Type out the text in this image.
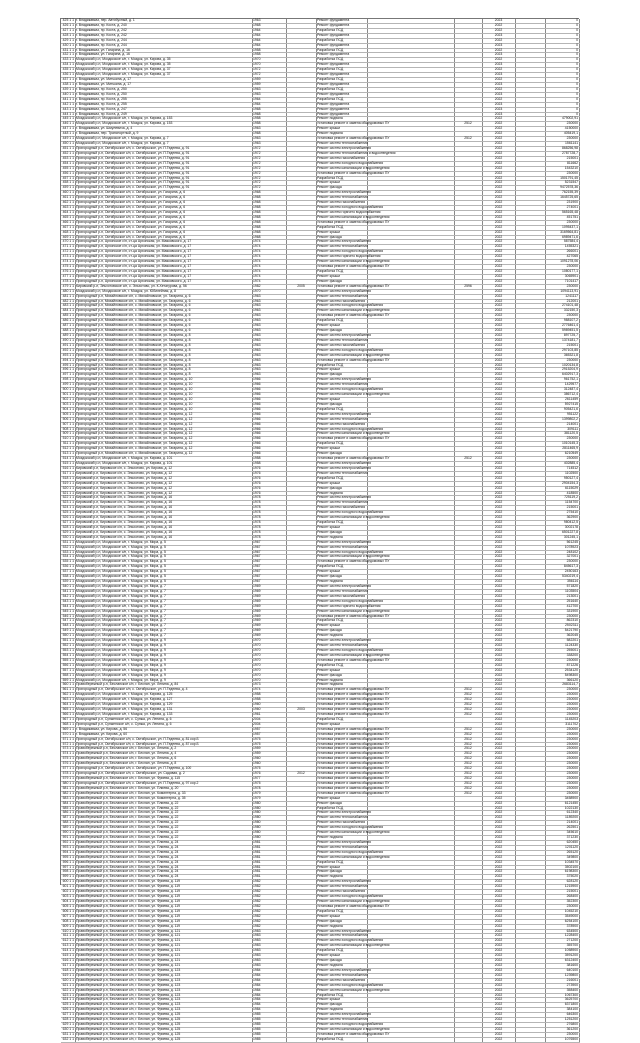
425 1 1	г. Владикавказ, пер. Автобусный, д. 1	1963		Ремонт фундамента			2023		0
426 1 1	г. Владикавказ, пр. Коста, д. 240	1968		Ремонт фундамента			2022		0
427 1 1	г. Владикавказ, пр. Коста, д. 242	1964		Разработка ПСД			2022		0
428 1 1	г. Владикавказ, пр. Коста, д. 242	1964		Ремонт фундамента			2023		0
429 1 1	г. Владикавказ, пр. Коста, д. 244	1964		Разработка ПСД			2022		0
430 1 1	г. Владикавказ, пр. Коста, д. 244	1964		Ремонт фундамента			2023		0
431 1 1	г. Владикавказ, ул. Гагарина, д. 16	1958		Разработка ПСД			2022		0
432 1 1	г. Владикавказ, ул. Гагарина, д. 16	1958		Ремонт фундамента			2023		0
433 1 1	Моздокский р-н, Моздокское с/п, г. Моздок, ул. Кирова, д. 35	1970		Разработка ПСД			2022		0
434 1 1	Моздокский р-н, Моздокское с/п, г. Моздок, ул. Кирова, д. 35	1970		Ремонт фундамента			2023		0
435 1 1	Моздокский р-н, Моздокское с/п, г. Моздок, ул. Кирова, д. 37	1972		Разработка ПСД			2022		0
436 1 1	Моздокский р-н, Моздокское с/п, г. Моздок, ул. Кирова, д. 37	1972		Ремонт фундамента			2023		0
437 1 1	г. Владикавказ, ул. Митькина, д. 17	1959		Разработка ПСД			2022		0
438 1 1	г. Владикавказ, ул. Митькина, д. 17	1959		Ремонт фундамента			2023		0
439 1 1	г. Владикавказ, пр. Коста, д. 250	1963		Разработка ПСД			2022		0
440 1 1	г. Владикавказ, пр. Коста, д. 250	1963		Ремонт фундамента			2023		0
441 1 1	г. Владикавказ, пр. Коста, д. 255	1964		Разработка ПСД			2022		0
442 1 1	г. Владикавказ, пр. Коста, д. 255	1964		Ремонт фундамента			2023		0
443 1 1	г. Владикавказ, пр. Коста, д. 247	1968		Ремонт фундамента			2023		0
444 1 1	г. Владикавказ, пр. Коста, д. 249	1968		Ремонт фундамента			2023		0
445 1 1	Моздокский р-н, Моздокское с/п, г. Моздок, ул. Кирова, д. 153	1958		Ремонт подвала			2022		479002,91
446 1 1	Моздокский р-н, Моздокское с/п, г. Моздок, ул. Кирова, д. 153	1958		Установка ремонт и замена общедомовых ПУ		2512	2022		230000
447 1 1	г. Владикавказ, ул. Шмулевича, д. 4	1963		Ремонт крыши			2022		4150000
448 1 1	г. Владикавказ, пер. Транспортный, д. 9	1968		Ремонт подвала			2022		405419,1
449 1 1	Моздокский р-н, Моздокское с/п, г. Моздок, ул. Кирова, д. 7	1963		Установка ремонт и замена общедомовых ПУ		2512	2022		230000
450 1 1	Моздокский р-н, Моздокское с/п, г. Моздок, ул. Кирова, д. 7	1963		Ремонт систем теплоснабжения			2022		1561141
451 1 1	Пригородный р-н, Октябрьское с/п, с. Октябрьское, ул. П.Тедеева, д. 91	1972		Ремонт систем электроснабжения			2022		868256,98
452 1 1	Пригородный р-н, Октябрьское с/п, с. Октябрьское, ул. П.Тедеева, д. 91	1972		Ремонт систем теплоснабжения и водоотведения			2022		2787728,7
453 1 1	Пригородный р-н, Октябрьское с/п, с. Октябрьское, ул. П.Тедеева, д. 91	1972		Ремонт систем газоснабжения			2022		215001
454 1 1	Пригородный р-н, Октябрьское с/п, с. Октябрьское, ул. П.Тедеева, д. 91	1972		Ремонт систем холодного водоснабжения			2022		811662
455 1 1	Пригородный р-н, Октябрьское с/п, с. Октябрьское, ул. П.Тедеева, д. 91	1972		Ремонт систем канализации и водоотведения			2022		1543210
456 1 1	Пригородный р-н, Октябрьское с/п, с. Октябрьское, ул. П.Тедеева, д. 91	1972		Установка ремонт и замена общедомовых ПУ			2022		230000
457 1 1	Пригородный р-н, Октябрьское с/п, с. Октябрьское, ул. П.Тедеева, д. 91	1972		Разработка ПСД			2022		1501791,45
458 1 1	Пригородный р-н, Октябрьское с/п, с. Октябрьское, ул. П.Тедеева, д. 91	1972		Ремонт крыши			2022		5231547
459 1 1	Пригородный р-н, Октябрьское с/п, с. Октябрьское, ул. П.Тедеева, д. 91	1972		Ремонт фасада			2022		9472578,36
460 1 1	Пригородный р-н, Октябрьское с/п, с. Октябрьское, ул. Гагарина, д. 6	1968		Ремонт систем электроснабжения			2022		762155,39
461 1 1	Пригородный р-н, Октябрьское с/п, с. Октябрьское, ул. Гагарина, д. 6	1968		Ремонт систем теплоснабжения			2022		1645725,65
462 1 1	Пригородный р-н, Октябрьское с/п, с. Октябрьское, ул. Гагарина, д. 6	1968		Ремонт систем газоснабжения			2022		231900
463 1 1	Пригородный р-н, Октябрьское с/п, с. Октябрьское, ул. Гагарина, д. 6	1968		Ремонт систем холодного водоснабжения			2022		274001
464 1 1	Пригородный р-н, Октябрьское с/п, с. Октябрьское, ул. Гагарина, д. 6	1968		Ремонт систем горячего водоснабжения			2022		565165,48
465 1 1	Пригородный р-н, Октябрьское с/п, с. Октябрьское, ул. Гагарина, д. 6	1968		Ремонт систем канализации и водоотведения			2022		451751
466 1 1	Пригородный р-н, Октябрьское с/п, с. Октябрьское, ул. Гагарина, д. 6	1968		Установка ремонт и замена общедомовых ПУ			2022		230000
467 1 1	Пригородный р-н, Октябрьское с/п, с. Октябрьское, ул. Гагарина, д. 6	1968		Разработка ПСД			2022		1095437,1
468 1 1	Пригородный р-н, Октябрьское с/п, с. Октябрьское, ул. Гагарина, д. 6	1968		Ремонт крыши			2022		3169564,81
469 1 1	Пригородный р-н, Октябрьское с/п, с. Октябрьское, ул. Гагарина, д. 6	1968		Ремонт фасада			2022		6989471,6
470 1 1	Пригородный р-н, Архонское с/п, ст-ца Архонская, ул. Маяковского, д. 17	1974		Ремонт систем электроснабжения			2022		587584,4
471 1 1	Пригородный р-н, Архонское с/п, ст-ца Архонская, ул. Маяковского, д. 17	1974		Ремонт систем теплоснабжения			2022		1455321
472 1 1	Пригородный р-н, Архонское с/п, ст-ца Архонская, ул. Маяковского, д. 17	1974		Ремонт систем холодного водоснабжения			2022		266001
473 1 1	Пригородный р-н, Архонское с/п, ст-ца Архонская, ул. Маяковского, д. 17	1974		Ремонт систем горячего водоснабжения			2022		427065
474 1 1	Пригородный р-н, Архонское с/п, ст-ца Архонская, ул. Маяковского, д. 17	1974		Ремонт систем канализации и водоотведения			2022		1091278,06
475 1 1	Пригородный р-н, Архонское с/п, ст-ца Архонская, ул. Маяковского, д. 17	1974		Установка ремонт и замена общедомовых ПУ			2022		230000
476 1 1	Пригородный р-н, Архонское с/п, ст-ца Архонская, ул. Маяковского, д. 17	1974		Разработка ПСД			2022		1080177,1
477 1 1	Пригородный р-н, Архонское с/п, ст-ца Архонская, ул. Маяковского, д. 17	1974		Ремонт крыши			2022		3065901
478 1 1	Пригородный р-н, Архонское с/п, ст-ца Архонская, ул. Маяковского, д. 17	1974		Ремонт фасада			2022		7101417
479 1 1	Кировский р-н, Эльхотовское с/п, с. Эльхотово, ул. К.Хетагурова, д. 56	1982	2005	Установка ремонт и замена общедомовых ПУ		2596	2022		230000
480 1 1	Моздокский р-н, Моздокское с/п, г. Моздок, ул. Юбилейная, д. 8	1970		Ремонт систем электроснабжения			2022		1094113,91
481 1 1	Пригородный р-н, Михайловское с/п, с. Михайловское, ул. Гагарина, д. 6	1963		Ремонт систем теплоснабжения			2022		1241117
482 1 1	Пригородный р-н, Михайловское с/п, с. Михайловское, ул. Гагарина, д. 6	1963		Ремонт систем газоснабжения			2022		212001
483 1 1	Пригородный р-н, Михайловское с/п, с. Михайловское, ул. Гагарина, д. 6	1963		Ремонт систем холодного водоснабжения			2022		274101,48
484 1 1	Пригородный р-н, Михайловское с/п, с. Михайловское, ул. Гагарина, д. 6	1963		Ремонт систем канализации и водоотведения			2022		332150,3
485 1 1	Пригородный р-н, Михайловское с/п, с. Михайловское, ул. Гагарина, д. 6	1963		Установка ремонт и замена общедомовых ПУ			2022		230000
486 1 1	Пригородный р-н, Михайловское с/п, с. Михайловское, ул. Гагарина, д. 6	1963		Разработка ПСД			2022		988107,2
487 1 1	Пригородный р-н, Михайловское с/п, с. Михайловское, ул. Гагарина, д. 6	1963		Ремонт крыши			2022		2776461,4
488 1 1	Пригородный р-н, Михайловское с/п, с. Михайловское, ул. Гагарина, д. 6	1963		Ремонт фасада			2022		5989451,5
489 1 1	Пригородный р-н, Михайловское с/п, с. Михайловское, ул. Гагарина, д. 8	1963		Ремонт систем электроснабжения			2022		897725,7
490 1 1	Пригородный р-н, Михайловское с/п, с. Михайловское, ул. Гагарина, д. 8	1963		Ремонт систем теплоснабжения			2022		1374181,7
491 1 1	Пригородный р-н, Михайловское с/п, с. Михайловское, ул. Гагарина, д. 8	1963		Ремонт систем газоснабжения			2022		215001
492 1 1	Пригородный р-н, Михайловское с/п, с. Михайловское, ул. Гагарина, д. 8	1963		Ремонт систем холодного водоснабжения			2022		297103,85
493 1 1	Пригородный р-н, Михайловское с/п, с. Михайловское, ул. Гагарина, д. 8	1963		Ремонт систем канализации и водоотведения			2022		365321,8
494 1 1	Пригородный р-н, Михайловское с/п, с. Михайловское, ул. Гагарина, д. 8	1963		Установка ремонт и замена общедомовых ПУ			2022		230000
495 1 1	Пригородный р-н, Михайловское с/п, с. Михайловское, ул. Гагарина, д. 8	1963		Разработка ПСД			2022		1020134,8
496 1 1	Пригородный р-н, Михайловское с/п, с. Михайловское, ул. Гагарина, д. 8	1963		Ремонт крыши			2022		2915204,9
497 1 1	Пригородный р-н, Михайловское с/п, с. Михайловское, ул. Гагарина, д. 8	1963		Ремонт фасада			2022		6402917,3
498 1 1	Пригородный р-н, Михайловское с/п, с. Михайловское, ул. Гагарина, д. 10	1966		Ремонт систем электроснабжения			2022		961752,1
499 1 1	Пригородный р-н, Михайловское с/п, с. Михайловское, ул. Гагарина, д. 10	1966		Ремонт систем теплоснабжения			2022		1429577
500 1 1	Пригородный р-н, Михайловское с/п, с. Михайловское, ул. Гагарина, д. 10	1966		Ремонт систем холодного водоснабжения			2022		312487,4
501 1 1	Пригородный р-н, Михайловское с/п, с. Михайловское, ул. Гагарина, д. 10	1966		Ремонт систем канализации и водоотведения			2022		386712,4
502 1 1	Пригородный р-н, Михайловское с/п, с. Михайловское, ул. Гагарина, д. 10	1966		Ремонт крыши			2022		2611459
503 1 1	Пригородный р-н, Михайловское с/п, с. Михайловское, ул. Гагарина, д. 10	1966		Ремонт фасада			2022		5927415
504 1 1	Пригородный р-н, Михайловское с/п, с. Михайловское, ул. Гагарина, д. 10	1966		Разработка ПСД			2022		905421,6
505 1 1	Пригородный р-н, Михайловское с/п, с. Михайловское, ул. Гагарина, д. 12	1966		Ремонт систем электроснабжения			2022		951122
506 1 1	Пригородный р-н, Михайловское с/п, с. Михайловское, ул. Гагарина, д. 12	1966		Ремонт систем теплоснабжения			2022		1399802,2
507 1 1	Пригородный р-н, Михайловское с/п, с. Михайловское, ул. Гагарина, д. 12	1966		Ремонт систем газоснабжения			2022		214001
508 1 1	Пригородный р-н, Михайловское с/п, с. Михайловское, ул. Гагарина, д. 12	1966		Ремонт систем холодного водоснабжения			2022		309111
509 1 1	Пригородный р-н, Михайловское с/п, с. Михайловское, ул. Гагарина, д. 12	1966		Ремонт систем канализации и водоотведения			2022		381120,5
510 1 1	Пригородный р-н, Михайловское с/п, с. Михайловское, ул. Гагарина, д. 12	1966		Установка ремонт и замена общедомовых ПУ			2022		230000
511 1 1	Пригородный р-н, Михайловское с/п, с. Михайловское, ул. Гагарина, д. 12	1966		Разработка ПСД			2022		1010145,3
512 1 1	Пригородный р-н, Михайловское с/п, с. Михайловское, ул. Гагарина, д. 12	1966		Ремонт крыши			2022		2811465,9
513 1 1	Пригородный р-н, Михайловское с/п, с. Михайловское, ул. Гагарина, д. 12	1966		Ремонт фасада			2022		6210549
514 1 1	Моздокский р-н, Моздокское с/п, г. Моздок, ул. Кирова, д. 101	1958		Установка ремонт и замена общедомовых ПУ		2512	2022		230000
515 1 1	Моздокский р-н, Моздокское с/п, г. Моздок, ул. Кирова, д. 101	1958		Ремонт систем электроснабжения			2022		402885,4
516 1 1	Кировский р-н, Кировское с/п, с. Эльхотово, ул. Кирова, д. 12	1976		Ремонт систем электроснабжения			2022		714512
517 1 1	Кировский р-н, Кировское с/п, с. Эльхотово, ул. Кирова, д. 12	1976		Ремонт систем теплоснабжения			2022		1102500
518 1 1	Кировский р-н, Кировское с/п, с. Эльхотово, ул. Кирова, д. 12	1976		Разработка ПСД			2022		950127,4
519 1 1	Кировский р-н, Кировское с/п, с. Эльхотово, ул. Кирова, д. 12	1976		Ремонт крыши			2022		2904154,3
520 1 1	Кировский р-н, Кировское с/п, с. Эльхотово, ул. Кирова, д. 12	1976		Ремонт фасада			2022		6115029
521 1 1	Кировский р-н, Кировское с/п, с. Эльхотово, ул. Кирова, д. 12	1976		Ремонт подвала			2022		418500
522 1 1	Кировский р-н, Кировское с/п, с. Эльхотово, ул. Кирова, д. 16	1978		Ремонт систем электроснабжения			2022		725119,2
523 1 1	Кировский р-н, Кировское с/п, с. Эльхотово, ул. Кирова, д. 16	1978		Ремонт систем теплоснабжения			2022		1154700
524 1 1	Кировский р-н, Кировское с/п, с. Эльхотово, ул. Кирова, д. 16	1978		Ремонт систем газоснабжения			2022		215001
525 1 1	Кировский р-н, Кировское с/п, с. Эльхотово, ул. Кирова, д. 16	1978		Ремонт систем холодного водоснабжения			2022		275410
526 1 1	Кировский р-н, Кировское с/п, с. Эльхотово, ул. Кирова, д. 16	1978		Ремонт систем канализации и водоотведения			2022		362900
527 1 1	Кировский р-н, Кировское с/п, с. Эльхотово, ул. Кирова, д. 16	1978		Разработка ПСД			2022		980412,5
528 1 1	Кировский р-н, Кировское с/п, с. Эльхотово, ул. Кирова, д. 16	1978		Ремонт крыши			2022		3002178
529 1 1	Кировский р-н, Кировское с/п, с. Эльхотово, ул. Кирова, д. 16	1978		Ремонт фасада			2022		6501227,8
530 1 1	Кировский р-н, Кировское с/п, с. Эльхотово, ул. Кирова, д. 16	1978		Ремонт подвала			2022		301245,1
531 1 1	Моздокский р-н, Моздокское с/п, г. Моздок, ул. Мира, д. 5	1967		Ремонт систем электроснабжения			2022		561245
532 1 1	Моздокский р-н, Моздокское с/п, г. Моздок, ул. Мира, д. 5	1967		Ремонт систем теплоснабжения			2022		1078923
533 1 1	Моздокский р-н, Моздокское с/п, г. Моздок, ул. Мира, д. 5	1967		Ремонт систем холодного водоснабжения			2022		248102
534 1 1	Моздокский р-н, Моздокское с/п, г. Моздок, ул. Мира, д. 5	1967		Ремонт систем канализации и водоотведения			2022		327001
535 1 1	Моздокский р-н, Моздокское с/п, г. Моздок, ул. Мира, д. 5	1967		Установка ремонт и замена общедомовых ПУ			2022		230000
536 1 1	Моздокский р-н, Моздокское с/п, г. Моздок, ул. Мира, д. 5	1967		Разработка ПСД			2022		845617,3
537 1 1	Моздокский р-н, Моздокское с/п, г. Моздок, ул. Мира, д. 5	1967		Ремонт крыши			2022		2450163
538 1 1	Моздокский р-н, Моздокское с/п, г. Моздок, ул. Мира, д. 5	1967		Ремонт фасада			2022		5340219,4
539 1 1	Моздокский р-н, Моздокское с/п, г. Моздок, ул. Мира, д. 5	1967		Ремонт подвала			2022		356114
540 1 1	Моздокский р-н, Моздокское с/п, г. Моздок, ул. Мира, д. 7	1969		Ремонт систем электроснабжения			2022		571820
541 1 1	Моздокский р-н, Моздокское с/п, г. Моздок, ул. Мира, д. 7	1969		Ремонт систем теплоснабжения			2022		1103504
542 1 1	Моздокский р-н, Моздокское с/п, г. Моздок, ул. Мира, д. 7	1969		Ремонт систем газоснабжения			2022		213001
543 1 1	Моздокский р-н, Моздокское с/п, г. Моздок, ул. Мира, д. 7	1969		Ремонт систем холодного водоснабжения			2022		251640
544 1 1	Моздокский р-н, Моздокское с/п, г. Моздок, ул. Мира, д. 7	1969		Ремонт систем горячего водоснабжения			2022		412700
545 1 1	Моздокский р-н, Моздокское с/п, г. Моздок, ул. Мира, д. 7	1969		Ремонт систем канализации и водоотведения			2022		331900
546 1 1	Моздокский р-н, Моздокское с/п, г. Моздок, ул. Мира, д. 7	1969		Установка ремонт и замена общедомовых ПУ			2022		230000
547 1 1	Моздокский р-н, Моздокское с/п, г. Моздок, ул. Мира, д. 7	1969		Разработка ПСД			2022		862310
548 1 1	Моздокский р-н, Моздокское с/п, г. Моздок, ул. Мира, д. 7	1969		Ремонт крыши			2022		2502311
549 1 1	Моздокский р-н, Моздокское с/п, г. Моздок, ул. Мира, д. 7	1969		Ремонт фасада			2022		5421790
550 1 1	Моздокский р-н, Моздокское с/п, г. Моздок, ул. Мира, д. 7	1969		Ремонт подвала			2022		362045
551 1 1	Моздокский р-н, Моздокское с/п, г. Моздок, ул. Мира, д. 9	1970		Ремонт систем электроснабжения			2022		582201
552 1 1	Моздокский р-н, Моздокское с/п, г. Моздок, ул. Мира, д. 9	1970		Ремонт систем теплоснабжения			2022		1124330
553 1 1	Моздокский р-н, Моздокское с/п, г. Моздок, ул. Мира, д. 9	1970		Ремонт систем холодного водоснабжения			2022		255001
554 1 1	Моздокский р-н, Моздокское с/п, г. Моздок, ул. Мира, д. 9	1970		Ремонт систем канализации и водоотведения			2022		338200
555 1 1	Моздокский р-н, Моздокское с/п, г. Моздок, ул. Мира, д. 9	1970		Установка ремонт и замена общедомовых ПУ			2022		230000
556 1 1	Моздокский р-н, Моздокское с/п, г. Моздок, ул. Мира, д. 9	1970		Разработка ПСД			2022		871226
557 1 1	Моздокский р-н, Моздокское с/п, г. Моздок, ул. Мира, д. 9	1970		Ремонт крыши			2022		2534120
558 1 1	Моздокский р-н, Моздокское с/п, г. Моздок, ул. Мира, д. 9	1970		Ремонт фасада			2022		5498300
559 1 1	Моздокский р-н, Моздокское с/п, г. Моздок, ул. Мира, д. 9	1970		Ремонт подвала			2022		366120
560 1 1	Правобережный р-н, Бесланское с/п, г. Беслан, ул. Ленина, д. 84	1973		Ремонт подвала			2022		2683114,7
561 1 1	Пригородный р-н, Октябрьское с/п, с. Октябрьское, ул. П.Тедеева, д. 4	1974		Установка ремонт и замена общедомовых ПУ		2512	2022		230000
562 1 1	Моздокский р-н, Моздокское с/п, г. Моздок, ул. Кирова, д. 125	1958		Установка ремонт и замена общедомовых ПУ		2512	2022		230000
563 1 1	Моздокский р-н, Моздокское с/п, г. Моздок, ул. Кирова, д. 127	1958		Установка ремонт и замена общедомовых ПУ		2512	2022		230000
564 1 1	Моздокский р-н, Моздокское с/п, г. Моздок, ул. Кирова, д. 129	1960		Установка ремонт и замена общедомовых ПУ		2512	2022		230000
565 1 1	Моздокский р-н, Моздокское с/п, г. Моздок, ул. Кирова, д. 131	1960	2003	Установка ремонт и замена общедомовых ПУ		2512	2022		230000
566 1 1	Моздокский р-н, Моздокское с/п, г. Моздок, ул. Кирова, д. 133	1961		Установка ремонт и замена общедомовых ПУ		2512	2022		230000
567 1 1	Пригородный р-н, Сунженское с/п, с. Сунжа, ул. Ленина, д. 6	2004		Разработка ПСД			2022		1145203
568 1 1	Пригородный р-н, Сунженское с/п, с. Сунжа, ул. Ленина, д. 6	2004		Ремонт крыши			2022		3111702
569 1 1	г. Владикавказ, ул. Кирова, д. 56	1957		Установка ремонт и замена общедомовых ПУ		2512	2022		230000
570 1 1	г. Владикавказ, ул. Кирова, д. 60	1957		Установка ремонт и замена общедомовых ПУ		2512	2022		230000
571 1 1	Пригородный р-н, Октябрьское с/п, с. Октябрьское, ул. П.Тедеева, д. 81 кор.Б	1975		Установка ремонт и замена общедомовых ПУ		2512	2022		230000
572 1 1	Пригородный р-н, Октябрьское с/п, с. Октябрьское, ул. П.Тедеева, д. 87 кор.Б	1975		Установка ремонт и замена общедомовых ПУ		2512	2022		230000
573 1 1	Правобережный р-н, Бесланское с/п, г. Беслан, ул. Ленина, д. 2	1959		Установка ремонт и замена общедомовых ПУ		2512	2022		230000
574 1 1	Правобережный р-н, Бесланское с/п, г. Беслан, ул. Ленина, д. 4	1959		Установка ремонт и замена общедомовых ПУ		2512	2022		230000
575 1 1	Правобережный р-н, Бесланское с/п, г. Беслан, ул. Ленина, д. 6	1960		Установка ремонт и замена общедомовых ПУ		2512	2022		230000
576 1 1	Правобережный р-н, Бесланское с/п, г. Беслан, ул. Ленина, д. 8	1960		Установка ремонт и замена общедомовых ПУ		2512	2022		230000
577 1 1	Пригородный р-н, Октябрьское с/п, с. Октябрьское, ул. П.Тедеева, д. 100	1975		Установка ремонт и замена общедомовых ПУ		2512	2022		230000
578 1 1	Пригородный р-н, Октябрьское с/п, с. Октябрьское, ул. Садовая, д. 2	1976	2012	Установка ремонт и замена общедомовых ПУ		2512	2022		230000
579 1 1	Правобережный р-н, Бесланское с/п, г. Беслан, ул. Фриева, д. 115	1977		Установка ремонт и замена общедомовых ПУ		2512	2022		230000
580 1 1	Пригородный р-н, Октябрьское с/п, с. Октябрьское, ул. П.Тедеева, д. 97 кор.2	1975		Установка ремонт и замена общедомовых ПУ		2512	2022		230000
581 1 1	Правобережный р-н, Бесланское с/п, г. Беслан, ул. Плиева, д. 20	1978		Установка ремонт и замена общедомовых ПУ		2512	2022		230000
582 1 1	Правобережный р-н, Бесланское с/п, г. Беслан, ул. Коминтерна, д. 33	1979		Установка ремонт и замена общедомовых ПУ		2512	2022		230000
583 1 1	Правобережный р-н, Бесланское с/п, г. Беслан, ул. Коминтерна, д. 35	1979		Ремонт крыши			2022		3458900
584 1 1	Правобережный р-н, Бесланское с/п, г. Беслан, ул. Плиева, д. 22	1980		Ремонт фасада			2022		6121450
585 1 1	Правобережный р-н, Бесланское с/п, г. Беслан, ул. Плиева, д. 22	1980		Разработка ПСД			2022		1022130
586 1 1	Правобережный р-н, Бесланское с/п, г. Беслан, ул. Плиева, д. 22	1980		Ремонт систем электроснабжения			2022		612340
587 1 1	Правобережный р-н, Бесланское с/п, г. Беслан, ул. Плиева, д. 22	1980		Ремонт систем теплоснабжения			2022		1189200
588 1 1	Правобережный р-н, Бесланское с/п, г. Беслан, ул. Плиева, д. 22	1980		Ремонт систем газоснабжения			2022		214001
589 1 1	Правобережный р-н, Бесланское с/п, г. Беслан, ул. Плиева, д. 22	1980		Ремонт систем холодного водоснабжения			2022		262501
590 1 1	Правобережный р-н, Бесланское с/п, г. Беслан, ул. Плиева, д. 22	1980		Ремонт систем канализации и водоотведения			2022		345610
591 1 1	Правобережный р-н, Бесланское с/п, г. Беслан, ул. Плиева, д. 22	1980		Ремонт подвала			2022		371230
592 1 1	Правобережный р-н, Бесланское с/п, г. Беслан, ул. Плиева, д. 24	1981		Ремонт систем электроснабжения			2022		620450
593 1 1	Правобережный р-н, Бесланское с/п, г. Беслан, ул. Плиева, д. 24	1981		Ремонт систем теплоснабжения			2022		1201120
594 1 1	Правобережный р-н, Бесланское с/п, г. Беслан, ул. Плиева, д. 24	1981		Ремонт систем холодного водоснабжения			2022		265120
595 1 1	Правобережный р-н, Бесланское с/п, г. Беслан, ул. Плиева, д. 24	1981		Ремонт систем канализации и водоотведения			2022		349800
596 1 1	Правобережный р-н, Бесланское с/п, г. Беслан, ул. Плиева, д. 24	1981		Разработка ПСД			2022		1034570
597 1 1	Правобережный р-н, Бесланское с/п, г. Беслан, ул. Плиева, д. 24	1981		Ремонт крыши			2022		3502100
598 1 1	Правобережный р-н, Бесланское с/п, г. Беслан, ул. Плиева, д. 24	1981		Ремонт фасада			2022		6198300
599 1 1	Правобережный р-н, Бесланское с/п, г. Беслан, ул. Плиева, д. 24	1981		Ремонт подвала			2022		375020
600 1 1	Правобережный р-н, Бесланское с/п, г. Беслан, ул. Фриева, д. 119	1982		Ремонт систем электроснабжения			2022		628120
601 1 1	Правобережный р-н, Бесланское с/п, г. Беслан, ул. Фриева, д. 119	1982		Ремонт систем теплоснабжения			2022		1215900
602 1 1	Правобережный р-н, Бесланское с/п, г. Беслан, ул. Фриева, д. 119	1982		Ремонт систем газоснабжения			2022		215001
603 1 1	Правобережный р-н, Бесланское с/п, г. Беслан, ул. Фриева, д. 119	1982		Ремонт систем холодного водоснабжения			2022		268400
604 1 1	Правобережный р-н, Бесланское с/п, г. Беслан, ул. Фриева, д. 119	1982		Ремонт систем канализации и водоотведения			2022		352300
605 1 1	Правобережный р-н, Бесланское с/п, г. Беслан, ул. Фриева, д. 119	1982		Установка ремонт и замена общедомовых ПУ			2022		230000
606 1 1	Правобережный р-н, Бесланское с/п, г. Беслан, ул. Фриева, д. 119	1982		Разработка ПСД			2022		1045210
607 1 1	Правобережный р-н, Бесланское с/п, г. Беслан, ул. Фриева, д. 119	1982		Ремонт крыши			2022		3549000
608 1 1	Правобережный р-н, Бесланское с/п, г. Беслан, ул. Фриева, д. 119	1982		Ремонт фасада			2022		6254100
609 1 1	Правобережный р-н, Бесланское с/п, г. Беслан, ул. Фриева, д. 119	1982		Ремонт подвала			2022		378900
610 1 1	Правобережный р-н, Бесланское с/п, г. Беслан, ул. Фриева, д. 121	1983		Ремонт систем электроснабжения			2022		634500
611 1 1	Правобережный р-н, Бесланское с/п, г. Беслан, ул. Фриева, д. 121	1983		Ремонт систем теплоснабжения			2022		1228400
612 1 1	Правобережный р-н, Бесланское с/п, г. Беслан, ул. Фриева, д. 121	1983		Ремонт систем холодного водоснабжения			2022		271200
613 1 1	Правобережный р-н, Бесланское с/п, г. Беслан, ул. Фриева, д. 121	1983		Ремонт систем канализации и водоотведения			2022		355700
614 1 1	Правобережный р-н, Бесланское с/п, г. Беслан, ул. Фриева, д. 121	1983		Разработка ПСД			2022		1058900
615 1 1	Правобережный р-н, Бесланское с/п, г. Беслан, ул. Фриева, д. 121	1983		Ремонт крыши			2022		3591200
616 1 1	Правобережный р-н, Бесланское с/п, г. Беслан, ул. Фриева, д. 121	1983		Ремонт фасада			2022		6312400
617 1 1	Правобережный р-н, Бесланское с/п, г. Беслан, ул. Фриева, д. 121	1983		Ремонт подвала			2022		381600
618 1 1	Правобережный р-н, Бесланское с/п, г. Беслан, ул. Фриева, д. 123	1984		Ремонт систем электроснабжения			2022		640100
619 1 1	Правобережный р-н, Бесланское с/п, г. Беслан, ул. Фриева, д. 123	1984		Ремонт систем теплоснабжения			2022		1239800
620 1 1	Правобережный р-н, Бесланское с/п, г. Беслан, ул. Фриева, д. 123	1984		Ремонт систем газоснабжения			2022		216001
621 1 1	Правобережный р-н, Бесланское с/п, г. Беслан, ул. Фриева, д. 123	1984		Ремонт систем холодного водоснабжения			2022		273900
622 1 1	Правобережный р-н, Бесланское с/п, г. Беслан, ул. Фриева, д. 123	1984		Ремонт систем канализации и водоотведения			2022		358400
623 1 1	Правобережный р-н, Бесланское с/п, г. Беслан, ул. Фриева, д. 123	1984		Разработка ПСД			2022		1067300
624 1 1	Правобережный р-н, Бесланское с/п, г. Беслан, ул. Фриева, д. 123	1984		Ремонт крыши			2022		3625700
625 1 1	Правобережный р-н, Бесланское с/п, г. Беслан, ул. Фриева, д. 123	1984		Ремонт фасада			2022		6371800
626 1 1	Правобережный р-н, Бесланское с/п, г. Беслан, ул. Фриева, д. 123	1984		Ремонт подвала			2022		384100
627 1 1	Правобережный р-н, Бесланское с/п, г. Беслан, ул. Фриева, д. 125	1985		Ремонт систем электроснабжения			2022		646300
628 1 1	Правобережный р-н, Бесланское с/п, г. Беслан, ул. Фриева, д. 125	1985		Ремонт систем теплоснабжения			2022		1251200
629 1 1	Правобережный р-н, Бесланское с/п, г. Беслан, ул. Фриева, д. 125	1985		Ремонт систем холодного водоснабжения			2022		276800
630 1 1	Правобережный р-н, Бесланское с/п, г. Беслан, ул. Фриева, д. 125	1985		Ремонт систем канализации и водоотведения			2022		361200
631 1 1	Правобережный р-н, Бесланское с/п, г. Беслан, ул. Фриева, д. 125	1985		Установка ремонт и замена общедомовых ПУ			2022		230000
632 1 1	Правобережный р-н, Бесланское с/п, г. Беслан, ул. Фриева, д. 125	1985		Разработка ПСД			2022		1076500
